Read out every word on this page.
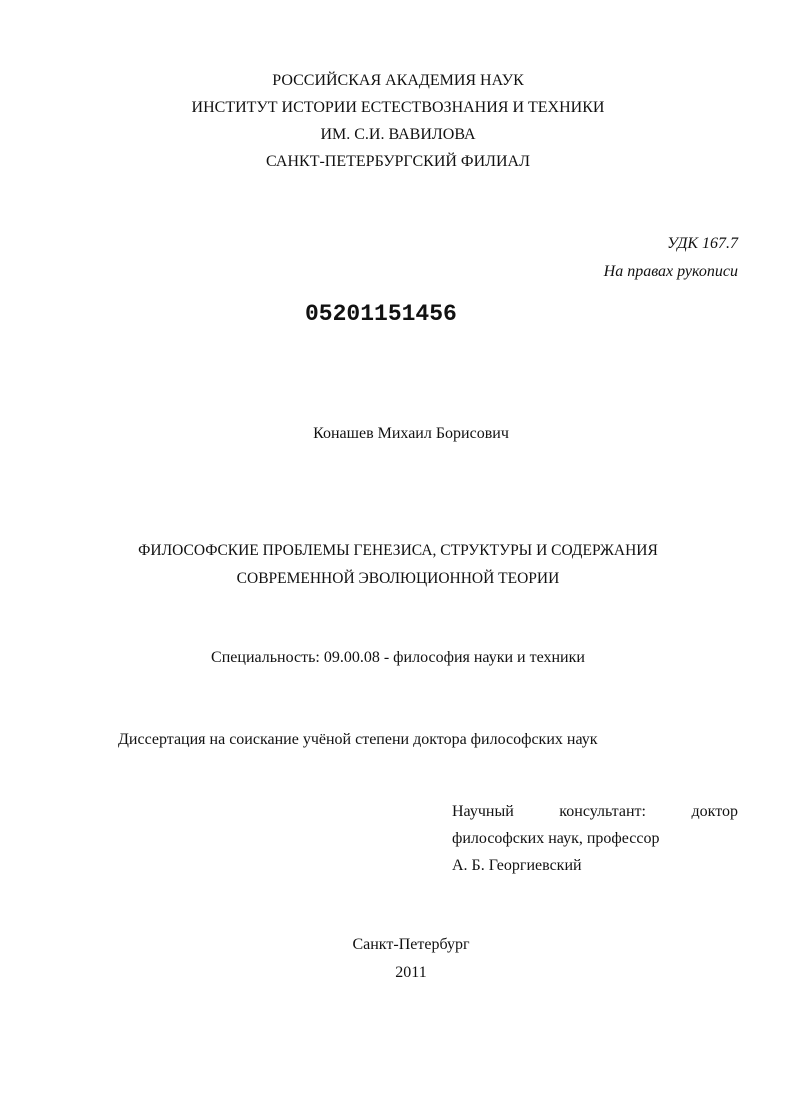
РОССИЙСКАЯ АКАДЕМИЯ НАУК
ИНСТИТУТ ИСТОРИИ ЕСТЕСТВОЗНАНИЯ И ТЕХНИКИ
ИМ. С.И. ВАВИЛОВА
САНКТ-ПЕТЕРБУРГСКИЙ ФИЛИАЛ
УДК 167.7
На правах рукописи
05201151456
Конашев Михаил Борисович
ФИЛОСОФСКИЕ ПРОБЛЕМЫ ГЕНЕЗИСА, СТРУКТУРЫ И СОДЕРЖАНИЯ
СОВРЕМЕННОЙ ЭВОЛЮЦИОННОЙ ТЕОРИИ
Специальность: 09.00.08 - философия науки и техники
Диссертация на соискание учёной степени доктора философских наук
Научный	консультант:	доктор
философских наук, профессор
А. Б. Георгиевский
Санкт-Петербург
2011
